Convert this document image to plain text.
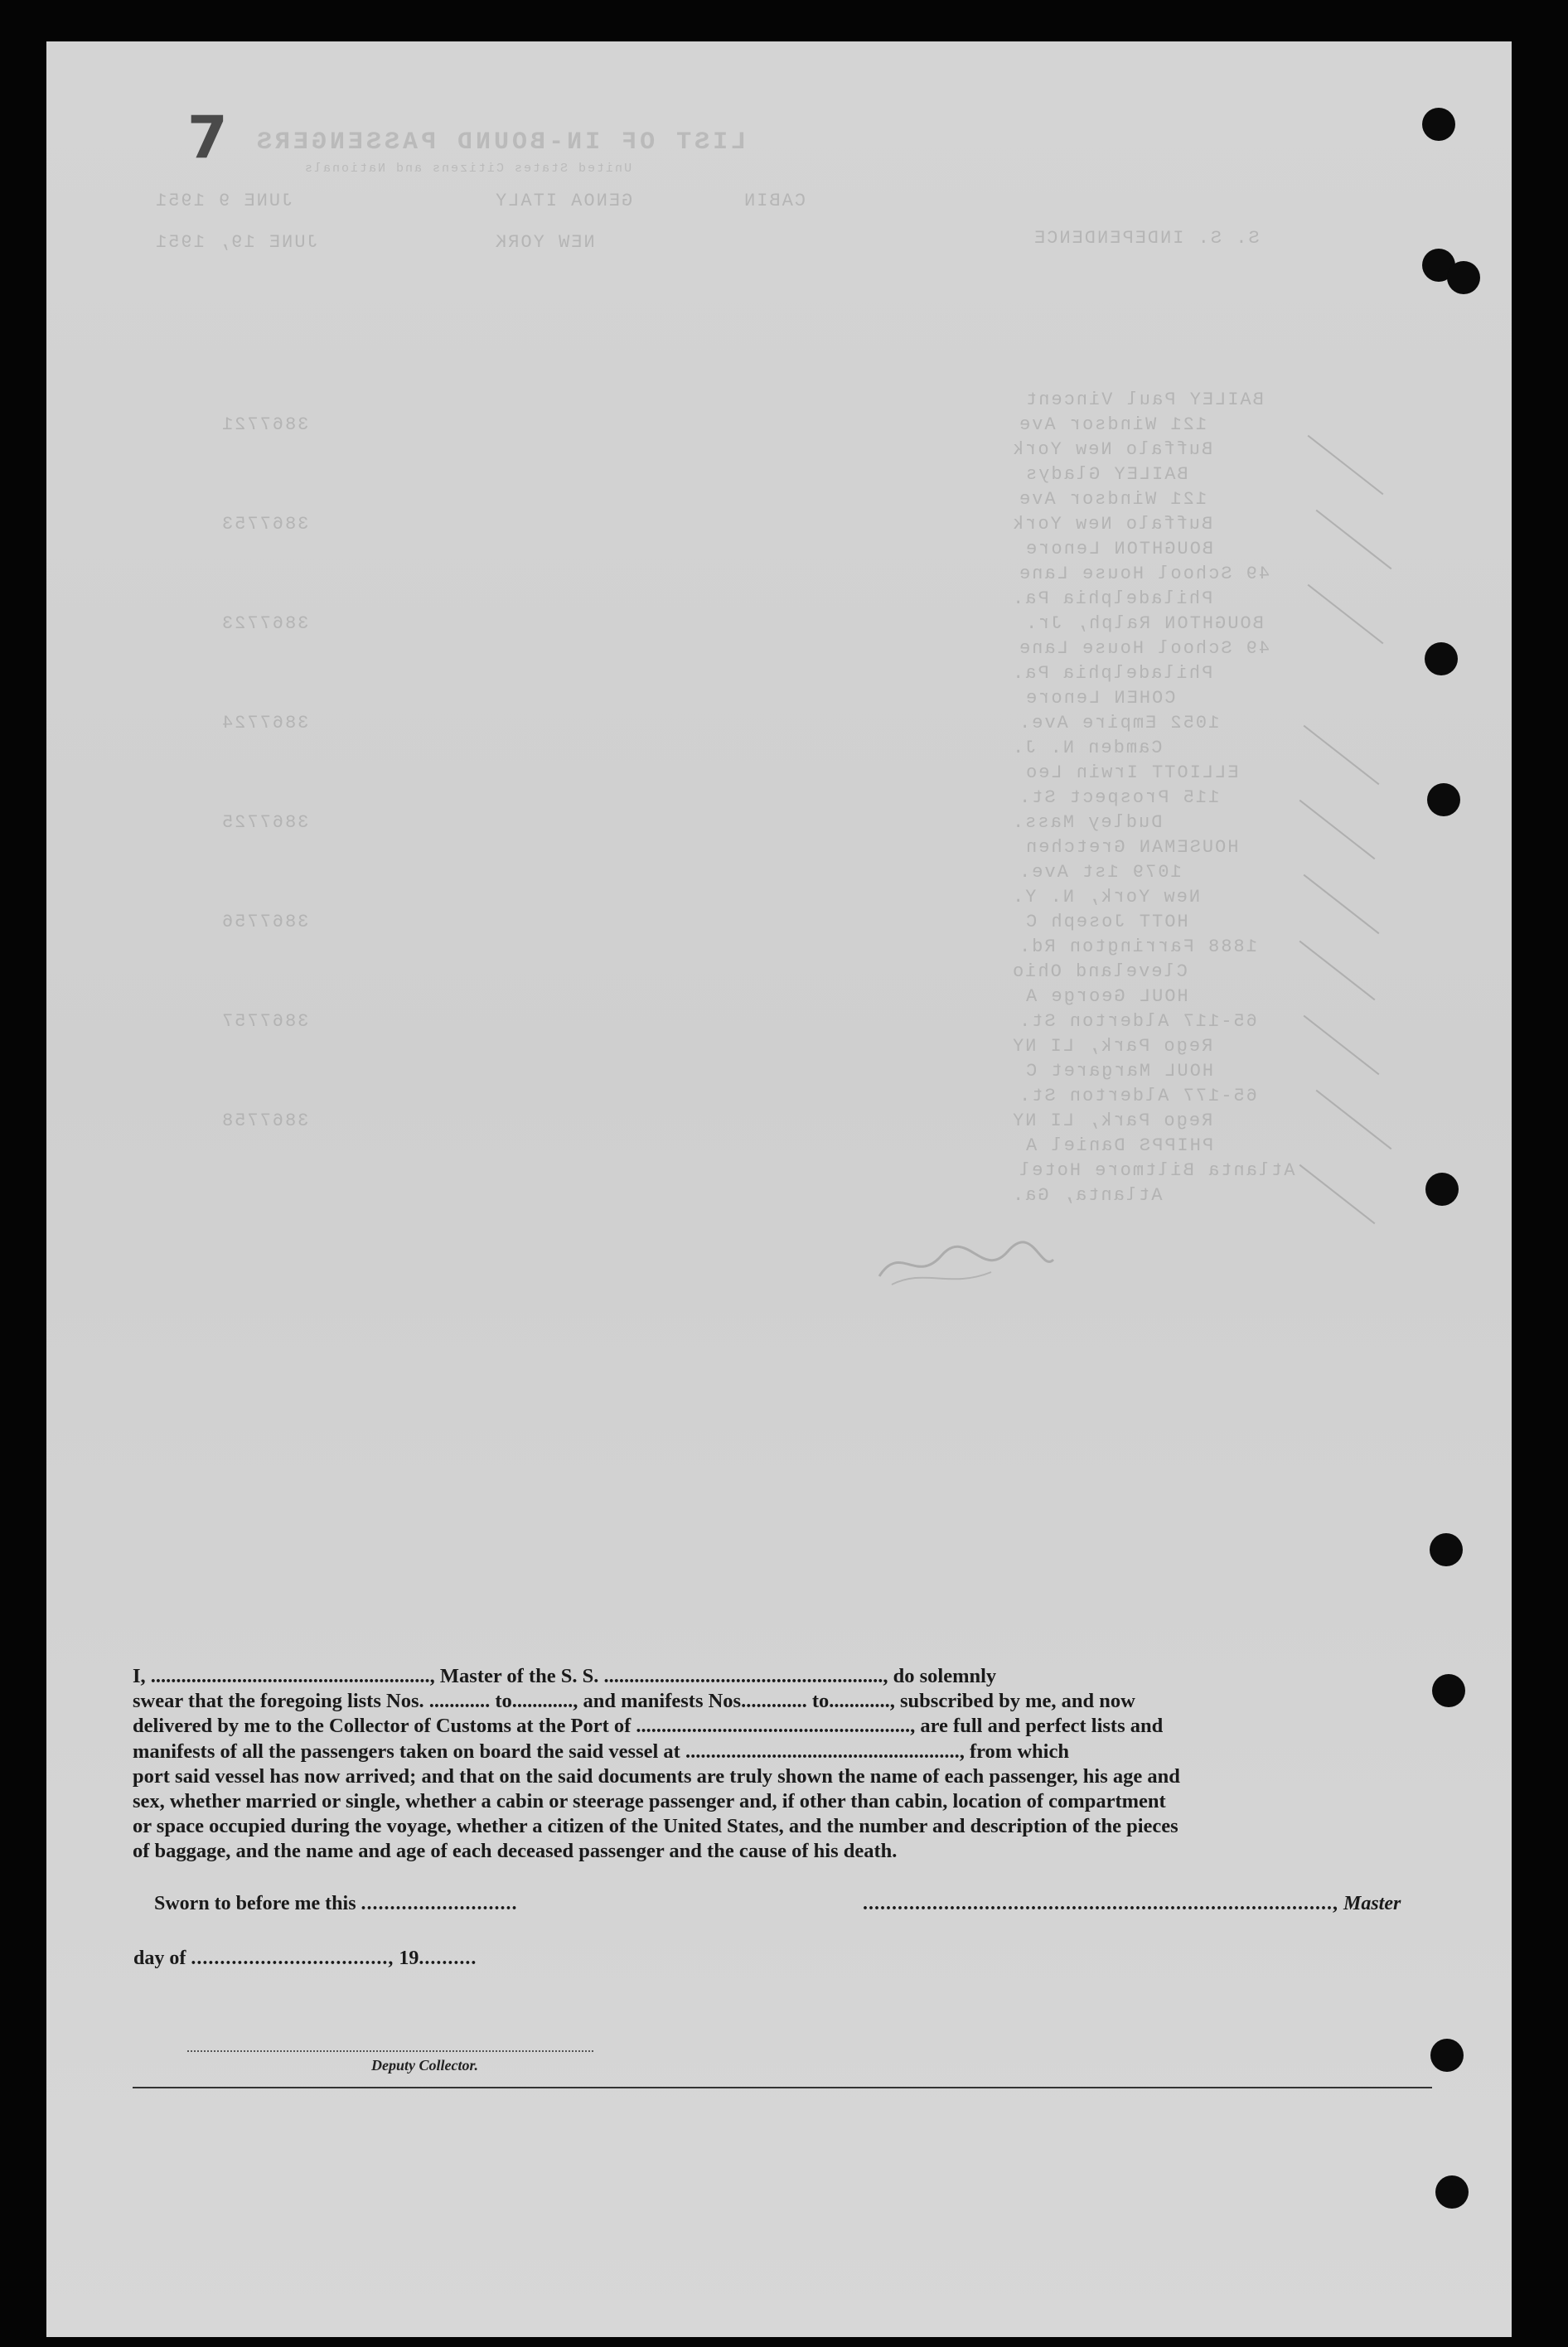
LIST OF IN-BOUND PASSENGERS
United States Citizens and Nationals
S. S. INDEPENDENCE
JUNE 9 1951
JUNE 19, 1951
GENOA ITALY
NEW YORK
CABIN
BAILEY Paul Vincent
121 Windsor Ave
Buffalo New York
BAILEY Gladys
121 Windsor Ave
Buffalo New York
BOUGHTON Lenore
49 School House Lane
Philadelphia Pa.
BOUGHTON Ralph, Jr.
49 School House Lane
Philadelphia Pa.
COHEN Lenore
1052 Empire Ave.
Camden N. J.
ELLIOTT Irwin Leo
115 Prospect St.
Dudley Mass.
HOUSEMAN Gretchen
1079 1st Ave.
New York, N. Y.
HOTT Joseph C
1888 Farrington Rd.
Cleveland Ohio
HOUL George A
65-117 Alderton St.
Rego Park, LI NY
HOUL Margaret C
65-177 Alderton St.
Rego Park, LI NY
PHIPPS Daniel A
Atlanta Biltmore Hotel
Atlanta, Ga.
3867721
3867753
3867723
3867724
3867725
3867756
3867757
3867758
7

I, ......................................................., Master of the S. S. ......................................................., do solemnly

swear that the foregoing lists Nos. ............ to............, and manifests Nos............. to............, subscribed by me, and now

delivered by me to the Collector of Customs at the Port of ......................................................, are full and perfect lists and

manifests of all the passengers taken on board the said vessel at ......................................................, from which

port said vessel has now arrived; and that on the said documents are truly shown the name of each passenger, his age and

sex, whether married or single, whether a cabin or steerage passenger and, if other than cabin, location of compartment

or space occupied during the voyage, whether a citizen of the United States, and the number and description of the pieces

of baggage, and the name and age of each deceased passenger and the cause of his death.

Sworn to before me this ...........................	................................................................................., Master
day of .................................., 19..........
Deputy Collector.
